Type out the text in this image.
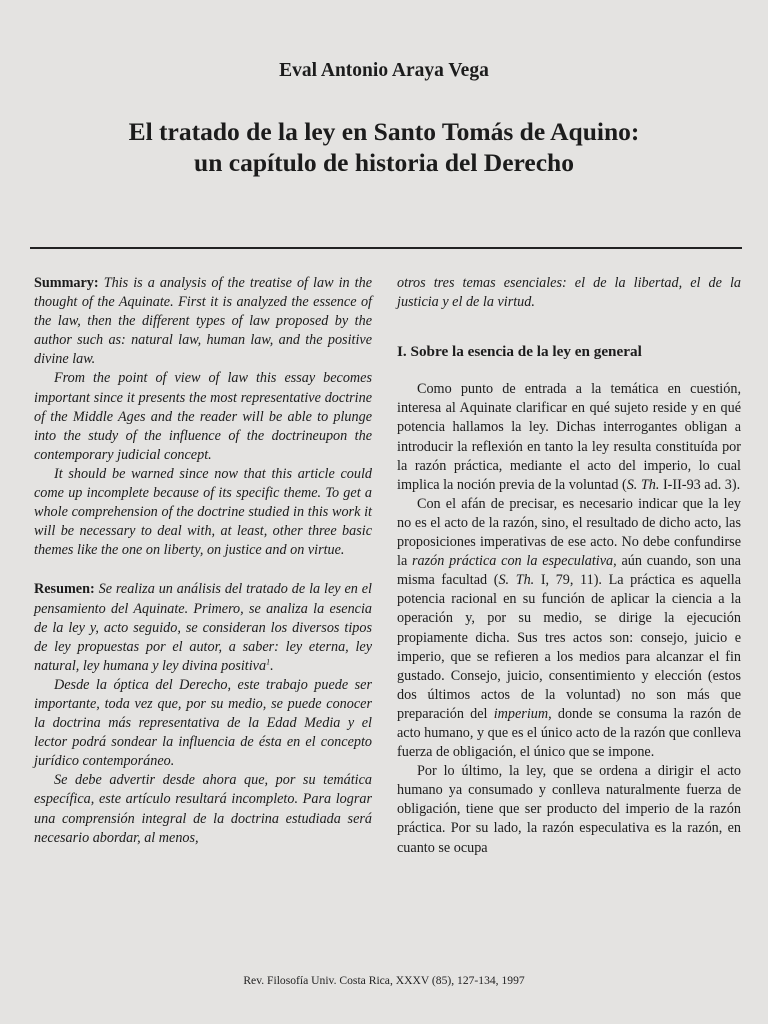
Eval Antonio Araya Vega
El tratado de la ley en Santo Tomás de Aquino:
un capítulo de historia del Derecho

Summary: This is a analysis of the treatise of law in the thought of the Aquinate. First it is analyzed the essence of the law, then the different types of law proposed by the author such as: natural law, human law, and the positive divine law.

From the point of view of law this essay becomes important since it presents the most representative doctrine of the Middle Ages and the reader will be able to plunge into the study of the influence of the doctrineupon the contemporary judicial concept.

It should be warned since now that this article could come up incomplete because of its specific theme. To get a whole comprehension of the doctrine studied in this work it will be necessary to deal with, at least, other three basic themes like the one on liberty, on justice and on virtue.

Resumen: Se realiza un análisis del tratado de la ley en el pensamiento del Aquinate. Primero, se analiza la esencia de la ley y, acto seguido, se consideran los diversos tipos de ley propuestas por el autor, a saber: ley eterna, ley natural, ley humana y ley divina positiva$^1$.

Desde la óptica del Derecho, este trabajo puede ser importante, toda vez que, por su medio, se puede conocer la doctrina más representativa de la Edad Media y el lector podrá sondear la influencia de ésta en el concepto jurídico contemporáneo.

Se debe advertir desde ahora que, por su temática específica, este artículo resultará incompleto. Para lograr una comprensión integral de la doctrina estudiada será necesario abordar, al menos,

otros tres temas esenciales: el de la libertad, el de la justicia y el de la virtud.

I. Sobre la esencia de la ley en general

Como punto de entrada a la temática en cuestión, interesa al Aquinate clarificar en qué sujeto reside y en qué potencia hallamos la ley. Dichas interrogantes obligan a introducir la reflexión en tanto la ley resulta constituída por la razón práctica, mediante el acto del imperio, lo cual implica la noción previa de la voluntad (S. Th. I-II-93 ad. 3).

Con el afán de precisar, es necesario indicar que la ley no es el acto de la razón, sino, el resultado de dicho acto, las proposiciones imperativas de ese acto. No debe confundirse la razón práctica con la especulativa, aún cuando, son una misma facultad (S. Th. I, 79, 11). La práctica es aquella potencia racional en su función de aplicar la ciencia a la operación y, por su medio, se dirige la ejecución propiamente dicha. Sus tres actos son: consejo, juicio e imperio, que se refieren a los medios para alcanzar el fin gustado. Consejo, juicio, consentimiento y elección (estos dos últimos actos de la voluntad) no son más que preparación del imperium, donde se consuma la razón de acto humano, y que es el único acto de la razón que conlleva fuerza de obligación, el único que se impone.

Por lo último, la ley, que se ordena a dirigir el acto humano ya consumado y conlleva naturalmente fuerza de obligación, tiene que ser producto del imperio de la razón práctica. Por su lado, la razón especulativa es la razón, en cuanto se ocupa

Rev. Filosofía Univ. Costa Rica, XXXV (85), 127-134, 1997
